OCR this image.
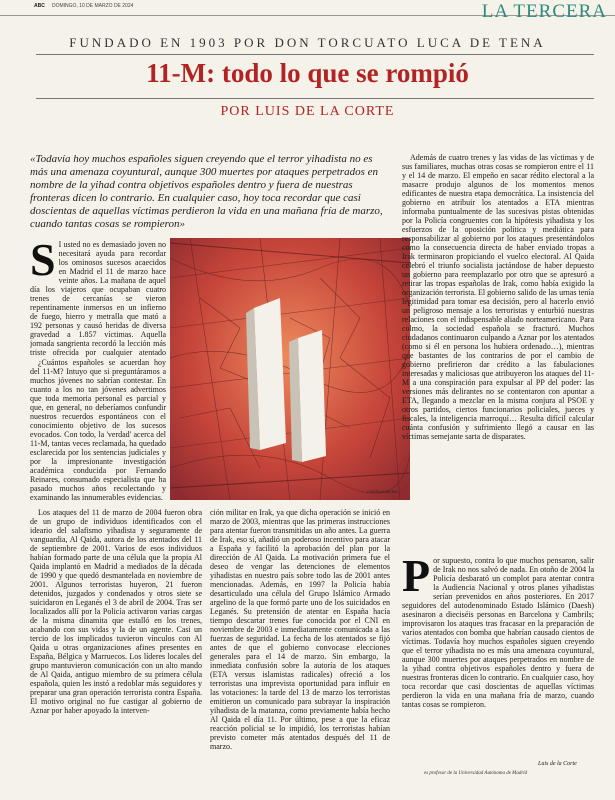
ABC DOMINGO, 10 DE MARZO DE 2024	LA TERCERA
FUNDADO EN 1903 POR DON TORCUATO LUCA DE TENA
11-M: todo lo que se rompió
POR LUIS DE LA CORTE
«Todavía hoy muchos españoles siguen creyendo que el terror yihadista no es más una amenaza coyuntural, aunque 300 muertes por ataques perpetrados en nombre de la yihad contra objetivos españoles dentro y fuera de nuestras fronteras dicen lo contrario. En cualquier caso, hoy toca recordar que casi doscientas de aquellas víctimas perdieron la vida en una mañana fría de marzo, cuando tantas cosas se rompieron»
CARRAJUMERO

S I usted no es demasiado joven no necesitará ayuda para recordar los ominosos sucesos acaecidos en Madrid el 11 de marzo hace veinte años. La mañana de aquel día los viajeros que ocupaban cuatro trenes de cercanías se vieron repentinamente inmersos en un infierno de fuego, hierro y metralla que mató a 192 personas y causó heridas de diversa gravedad a 1.857 víctimas. Aquella jornada sangrienta recordó la lección más triste ofrecida por cualquier atentado

¿Cuántos españoles se acuerdan hoy del 11-M? Intuyo que si preguntáramos a muchos jóvenes no sabrían contestar. En cuanto a los no tan jóvenes advertimos que toda memoria personal es parcial y que, en general, no deberíamos confundir nuestros recuerdos espontáneos con el conocimiento objetivo de los sucesos evocados. Con todo, la 'verdad' acerca del 11-M, tantas veces reclamada, ha quedado esclarecida por los sentencias judiciales y por la impresionante investigación académica conducida por Fernando Reinares, consumado especialista que ha pasado muchos años recolectando y examinando las innumerables evidencias.

Los ataques del 11 de marzo de 2004 fueron obra de un grupo de individuos identificados con el ideario del salafismo yihadista y seguramente de vanguardia, Al Qaida, autora de los atentados del 11 de septiembre de 2001. Varios de esos individuos habían formado parte de una célula que la propia Al Qaida implantó en Madrid a mediados de la década de 1990 y que quedó desmantelada en noviembre de 2001. Algunos terroristas huyeron, 21 fueron detenidos, juzgados y condenados y otros siete se suicidaron en Leganés el 3 de abril de 2004. Tras ser localizados allí por la Policía activaron varias cargas de la misma dinamita que estalló en los trenes, acabando con sus vidas y la de un agente. Casi un tercio de los implicados tuvieron vínculos con Al Qaida u otras organizaciones afines presentes en España, Bélgica y Marruecos. Los líderes locales del grupo mantuvieron comunicación con un alto mando de Al Qaida, antiguo miembro de su primera célula española, quien les instó a redoblar más seguidores y preparar una gran operación terrorista contra España. El motivo original no fue castigar al gobierno de Aznar por haber apoyado la interven-

ción militar en Irak, ya que dicha operación se inició en marzo de 2003, mientras que las primeras instrucciones para atentar fueron transmitidas un año antes. La guerra de Irak, eso sí, añadió un poderoso incentivo para atacar a España y facilitó la aprobación del plan por la dirección de Al Qaida. La motivación primera fue el deseo de vengar las detenciones de elementos yihadistas en nuestro país sobre todo las de 2001 antes mencionadas. Además, en 1997 la Policía había desarticulado una célula del Grupo Islámico Armado argelino de la que formó parte uno de los suicidados en Leganés. Su pretensión de atentar en España hacía tiempo descartar trenes fue conocida por el CNI en noviembre de 2003 e inmediatamente comunicada a las fuerzas de seguridad. La fecha de los atentados se fijó antes de que el gobierno convocase elecciones generales para el 14 de marzo. Sin embargo, la inmediata confusión sobre la autoría de los ataques (ETA versus islamistas radicales) ofreció a los terroristas una imprevista oportunidad para influir en las votaciones: la tarde del 13 de marzo los terroristas emitieron un comunicado para subrayar la inspiración yihadista de la matanza, como previamente había hecho Al Qaida el día 11. Por último, pese a que la eficaz reacción policial se lo impidió, los terroristas habían previsto cometer más atentados después del 11 de marzo.

Además de cuatro trenes y las vidas de las víctimas y de sus familiares, muchas otras cosas se rompieron entre el 11 y el 14 de marzo. El empeño en sacar rédito electoral a la masacre produjo algunos de los momentos menos edificantes de nuestra etapa democrática. La insistencia del gobierno en atribuir los atentados a ETA mientras informaba puntualmente de las sucesivas pistas obtenidas por la Policía congruentes con la hipótesis yihadista y los esfuerzos de la oposición política y mediática para responsabilizar al gobierno por los ataques presentándolos como la consecuencia directa de haber enviado tropas a Irak terminaron propiciando el vuelco electoral. Al Qaida celebró el triunfo socialista jactándose de haber depuesto un gobierno para reemplazarlo por otro que se apresuró a retirar las tropas españolas de Irak, como había exigido la organización terrorista. El gobierno salido de las urnas tenía legitimidad para tomar esa decisión, pero al hacerlo envió un peligroso mensaje a los terroristas y enturbió nuestras relaciones con el indispensable aliado norteamericano. Para colmo, la sociedad española se fracturó. Muchos ciudadanos continuaron culpando a Aznar por los atentados (como si él en persona los hubiera ordenado…), mientras que bastantes de los contrarios de por el cambio de gobierno prefirieron dar crédito a las fabulaciones interesadas y maliciosas que atribuyeron los ataques del 11-M a una conspiración para expulsar al PP del poder: las versiones más delirantes no se contentaron con apuntar a ETA, llegando a mezclar en la misma conjura al PSOE y otros partidos, ciertos funcionarios policiales, jueces y fiscales, la inteligencia marroquí… Resulta difícil calcular cuánta confusión y sufrimiento llegó a causar en las víctimas semejante sarta de disparates.

Por supuesto, contra lo que muchos pensaron, salir de Irak no nos salvó de nada. En otoño de 2004 la Policía desbarató un complot para atentar contra la Audiencia Nacional y otros planes yihadistas serían prevenidos en años posteriores. En 2017 seguidores del autodenominado Estado Islámico (Daesh) asesinaron a dieciséis personas en Barcelona y Cambrils; improvisaron los ataques tras fracasar en la preparación de varios atentados con bomba que habrían causado cientos de víctimas. Todavía hoy muchos españoles siguen creyendo que el terror yihadista no es más una amenaza coyuntural, aunque 300 muertes por ataques perpetrados en nombre de la yihad contra objetivos españoles dentro y fuera de nuestras fronteras dicen lo contrario. En cualquier caso, hoy toca recordar que casi doscientas de aquellas víctimas perdieron la vida en una mañana fría de marzo, cuando tantas cosas se rompieron.

Luis de la Corte
es profesor de la Universidad Autónoma de Madrid
